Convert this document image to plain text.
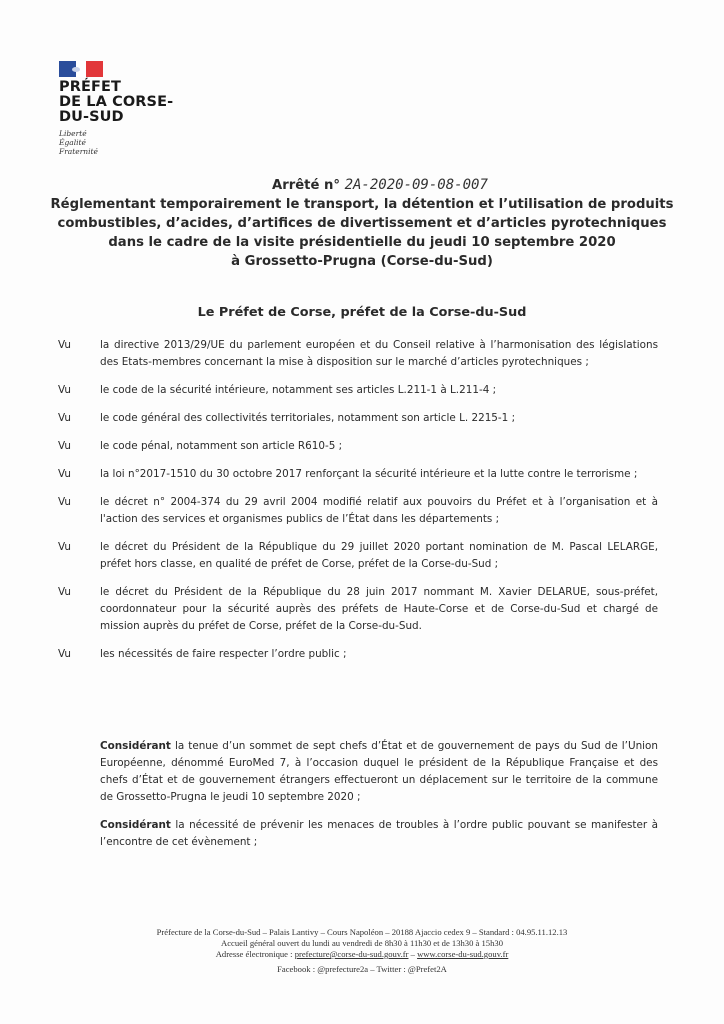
PRÉFET
DE LA CORSE-
DU-SUD
Liberté
Égalité
Fraternité
Arrêté n° 2A-2020-09-08-007
Réglementant temporairement le transport, la détention et l’utilisation de produits
combustibles, d’acides, d’artifices de divertissement et d’articles pyrotechniques
dans le cadre de la visite présidentielle du jeudi 10 septembre 2020
à Grossetto-Prugna (Corse-du-Sud)
Le Préfet de Corse, préfet de la Corse-du-Sud
Vu	la directive 2013/29/UE du parlement européen et du Conseil relative à l’harmonisation des législations des Etats-membres concernant la mise à disposition sur le marché d’articles pyrotechniques ;
Vu	le code de la sécurité intérieure, notamment ses articles L.211-1 à L.211-4 ;
Vu	le code général des collectivités territoriales, notamment son article L. 2215-1 ;
Vu	le code pénal, notamment son article R610-5 ;
Vu	la loi n°2017-1510 du 30 octobre 2017 renforçant la sécurité intérieure et la lutte contre le terrorisme ;
Vu	le décret n° 2004-374 du 29 avril 2004 modifié relatif aux pouvoirs du Préfet et à l’organisation et à l'action des services et organismes publics de l’État dans les départements ;
Vu	le décret du Président de la République du 29 juillet 2020 portant nomination de M. Pascal LELARGE, préfet hors classe, en qualité de préfet de Corse, préfet de la Corse-du-Sud ;
Vu	le décret du Président de la République du 28 juin 2017 nommant M. Xavier DELARUE, sous-préfet, coordonnateur pour la sécurité auprès des préfets de Haute-Corse et de Corse-du-Sud et chargé de mission auprès du préfet de Corse, préfet de la Corse-du-Sud.
Vu	les nécessités de faire respecter l’ordre public ;
Considérant la tenue d’un sommet de sept chefs d’État et de gouvernement de pays du Sud de l’Union Européenne, dénommé EuroMed 7, à l’occasion duquel le président de la République Française et des chefs d’État et de gouvernement étrangers effectueront un déplacement sur le territoire de la commune de Grossetto-Prugna le jeudi 10 septembre 2020 ;
Considérant la nécessité de prévenir les menaces de troubles à l’ordre public pouvant se manifester à l’encontre de cet évènement ;
Préfecture de la Corse-du-Sud – Palais Lantivy – Cours Napoléon – 20188 Ajaccio cedex 9 – Standard : 04.95.11.12.13
Accueil général ouvert du lundi au vendredi de 8h30 à 11h30 et de 13h30 à 15h30
Adresse électronique : prefecture@corse-du-sud.gouv.fr – www.corse-du-sud.gouv.fr
Facebook : @prefecture2a – Twitter : @Prefet2A
